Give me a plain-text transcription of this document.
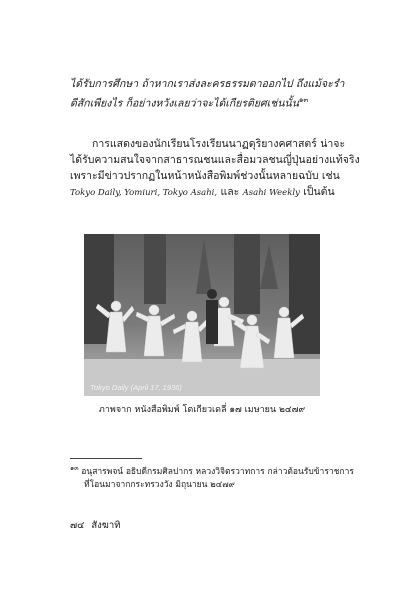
ได้รับการศึกษา ถ้าหากเราส่งละครธรรมดาออกไป ถึงแม้จะรำ
ดีสักเพียงไร ก็อย่างหวังเลยว่าจะได้เกียรติยศเช่นนั้น$^{๑๓}$
การแสดงของนักเรียนโรงเรียนนาฏดุริยางคศาสตร์ น่าจะ
ได้รับความสนใจจากสาธารณชนและสื่อมวลชนญี่ปุ่นอย่างแท้จริง
เพราะมีข่าวปรากฏในหน้าหนังสือพิมพ์ช่วงนั้นหลายฉบับ เช่น
Tokyo Daily, Yomiuri, Tokyo Asahi, และ Asahi Weekly เป็นต้น
Tokyo Daily (April 17, 1936)
ภาพจาก หนังสือพิมพ์ โตเกียวเดลี่ ๑๗ เมษายน ๒๔๗๙
$^{๑๓}$ อนุสารพจน์ อธิบดีกรมศิลปากร หลวงวิจิตรวาทการ กล่าวต้อนรับข้าราชการ
ที่โอนมาจากกระทรวงวัง มิถุนายน ๒๔๗๙
๗๔ สังฆาทิ
